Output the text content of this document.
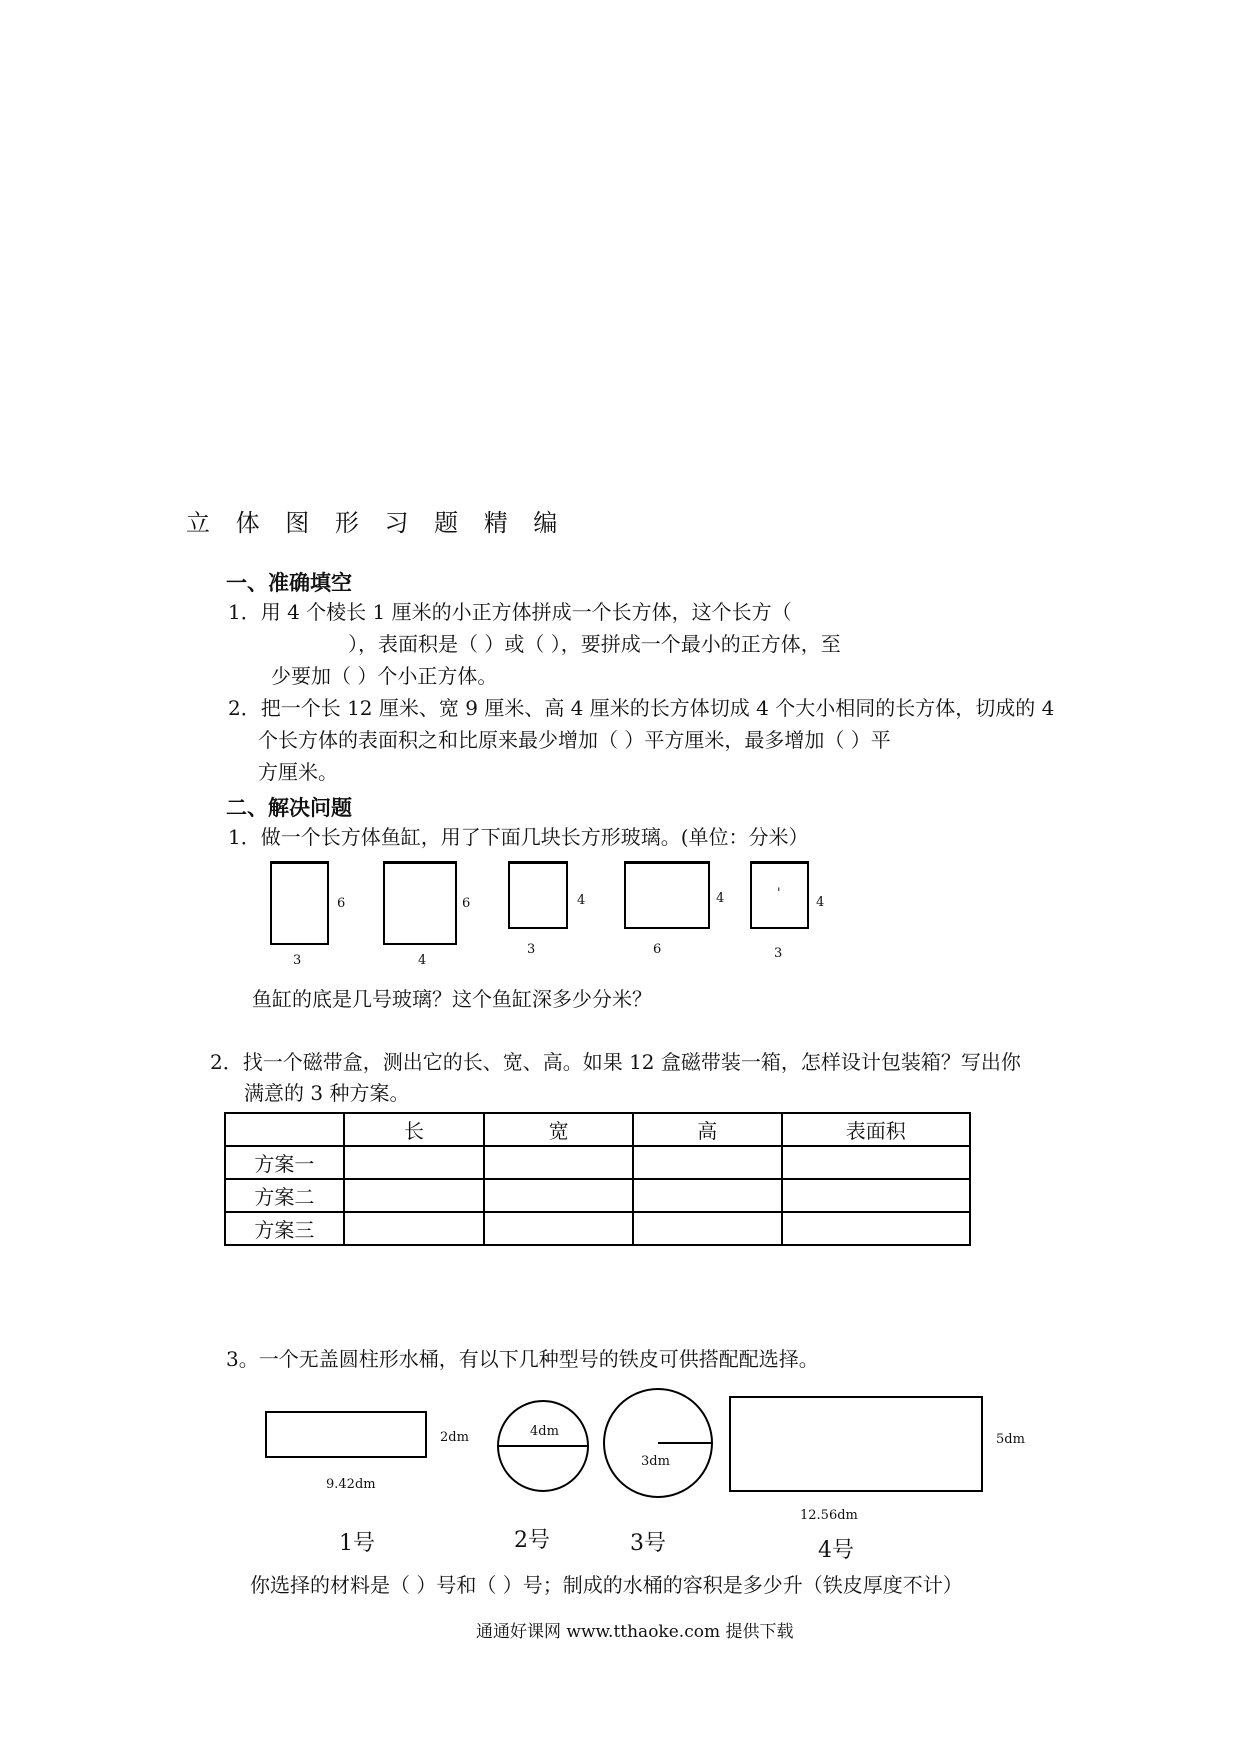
立 体 图 形 习 题 精 编
一、准确填空
1．用 4 个棱长 1 厘米的小正方体拼成一个长方体，这个长方（
），表面积是（ ）或（ ），要拼成一个最小的正方体，至
少要加（ ）个小正方体。
2．把一个长 12 厘米、宽 9 厘米、高 4 厘米的长方体切成 4 个大小相同的长方体，切成的 4
个长方体的表面积之和比原来最少增加（ ）平方厘米，最多增加（ ）平
方厘米。
二、解决问题
1．做一个长方体鱼缸，用了下面几块长方形玻璃。(单位：分米）
6
3
6
4
4
3
4
6
'
4
3
鱼缸的底是几号玻璃？这个鱼缸深多少分米？
2．找一个磁带盒，测出它的长、宽、高。如果 12 盒磁带装一箱，怎样设计包装箱？写出你
满意的 3 种方案。
	长	宽	高	表面积
方案一				
方案二				
方案三				
3。一个无盖圆柱形水桶，有以下几种型号的铁皮可供搭配配选择。
2dm
9.42dm
1号
4dm
2号
3dm
3号
5dm
12.56dm
4号
你选择的材料是（ ）号和（ ）号；制成的水桶的容积是多少升（铁皮厚度不计）
通通好课网 www.tthaoke.com 提供下载
